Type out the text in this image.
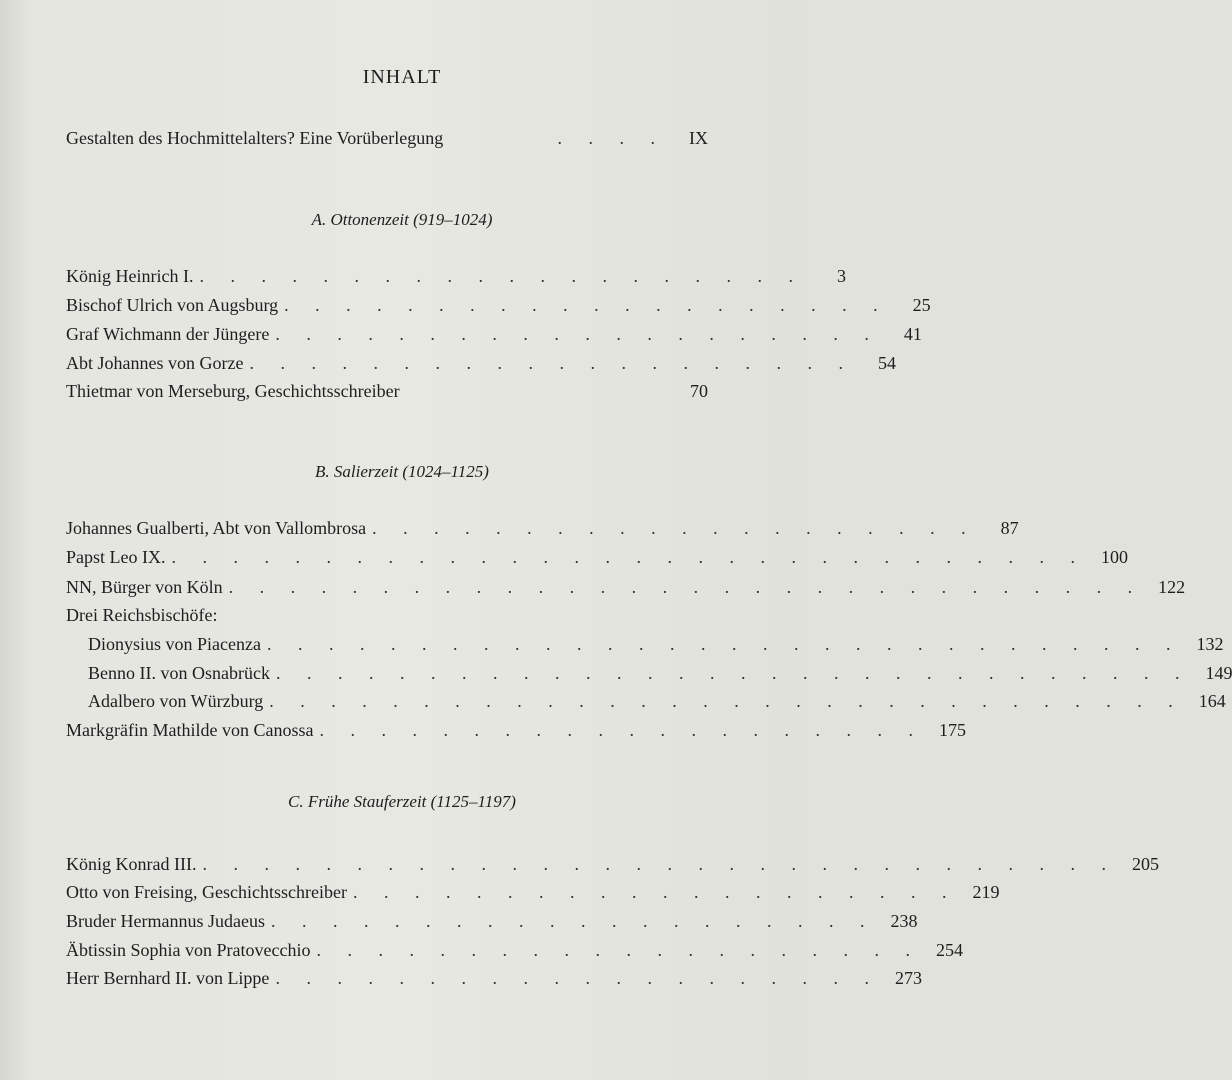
INHALT
Gestalten des Hochmittelalters? Eine Vorüberlegung	. . . .	IX
A. Ottonenzeit (919–1024)
König Heinrich I. . . . . . . . . . . . . . . . . . . . .	3
Bischof Ulrich von Augsburg . . . . . . . . . . . . . . . . . . . .	25
Graf Wichmann der Jüngere . . . . . . . . . . . . . . . . . . . .	41
Abt Johannes von Gorze . . . . . . . . . . . . . . . . . . . .	54
Thietmar von Merseburg, Geschichtsschreiber	70
B. Salierzeit (1024–1125)
Johannes Gualberti, Abt von Vallombrosa . . . . . . . . . . . . . . . . . . . .	87
Papst Leo IX. . . . . . . . . . . . . . . . . . . . . . . . . . . . . . . 100
NN, Bürger von Köln . . . . . . . . . . . . . . . . . . . . . . . . . . . . . . 122
Drei Reichsbischöfe:
Dionysius von Piacenza . . . . . . . . . . . . . . . . . . . . . . . . . . . . . . 132
Benno II. von Osnabrück . . . . . . . . . . . . . . . . . . . . . . . . . . . . . . 149
Adalbero von Würzburg . . . . . . . . . . . . . . . . . . . . . . . . . . . . . . 164
Markgräfin Mathilde von Canossa . . . . . . . . . . . . . . . . . . . . 175
C. Frühe Stauferzeit (1125–1197)
König Konrad III. . . . . . . . . . . . . . . . . . . . . . . . . . . . . . . 205
Otto von Freising, Geschichtsschreiber . . . . . . . . . . . . . . . . . . . . 219
Bruder Hermannus Judaeus . . . . . . . . . . . . . . . . . . . . 238
Äbtissin Sophia von Pratovecchio . . . . . . . . . . . . . . . . . . . . 254
Herr Bernhard II. von Lippe . . . . . . . . . . . . . . . . . . . . 273
